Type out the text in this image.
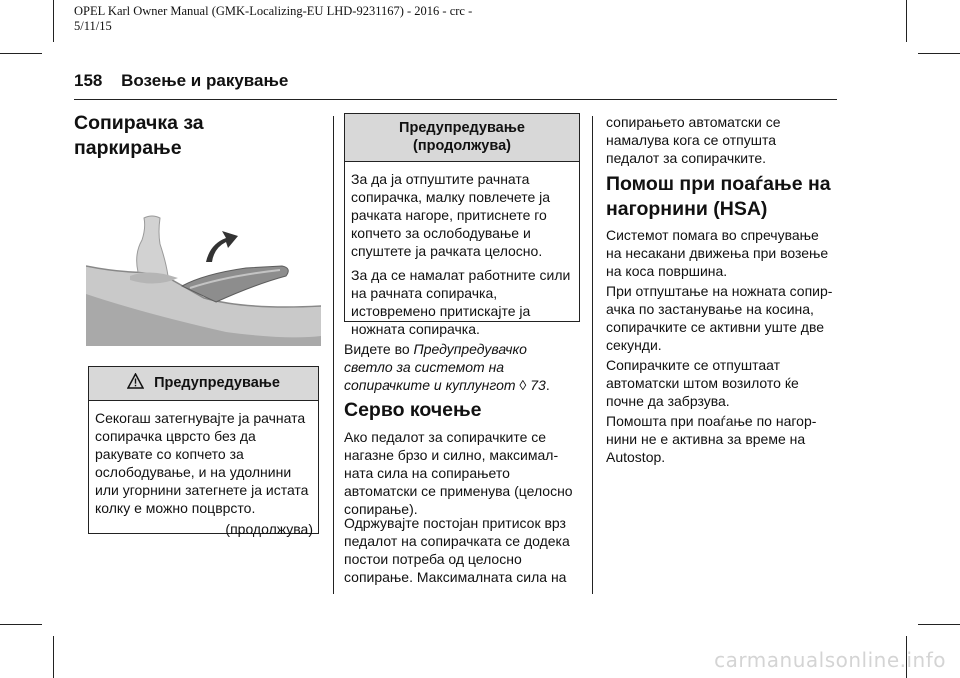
OPEL Karl Owner Manual (GMK-Localizing-EU LHD-9231167) - 2016 - crc - 5/11/15
158 Возење и ракување
Сопирачка за паркирање
Предупредување
Секогаш затегнувајте ја рачната сопирачка цврсто без да ракувате со копчето за ослободување, и на удолнини или угорнини затегнете ја истата колку е можно поцврсто.
(продолжува)
Предупредување (продолжува)

За да ја отпуштите рачната сопирачка, малку повлечете ја рачката нагоре, притиснете го копчето за ослободување и спуштете ја рачката целосно.

За да се намалат работните сили на рачната сопирачка, истовремено притискајте ја ножната сопирачка.

Видете во Предупредувачко светло за системот на сопирачките и куплунгот ◊ 73.
Серво кочење

Ако педалот за сопирачките се нагазне брзо и силно, максимал- ната сила на сопирањето автоматски се применува (целосно сопирање).

Одржувајте постојан притисок врз педалот на сопирачката се додека постои потреба од целосно сопирање. Максималната сила на

сопирањето автоматски се намалува кога се отпушта педалот за сопирачките.

Помош при поаѓање на нагорнини (HSA)

Системот помага во спречување на несакани движења при возење на коса површина.

При отпуштање на ножната сопир- ачка по застанување на косина, сопирачките се активни уште две секунди.

Сопирачките се отпуштаат автоматски штом возилото ќе почне да забрзува.

Помошта при поаѓање по нагор- нини не е активна за време на Autostop.

carmanualsonline.info
